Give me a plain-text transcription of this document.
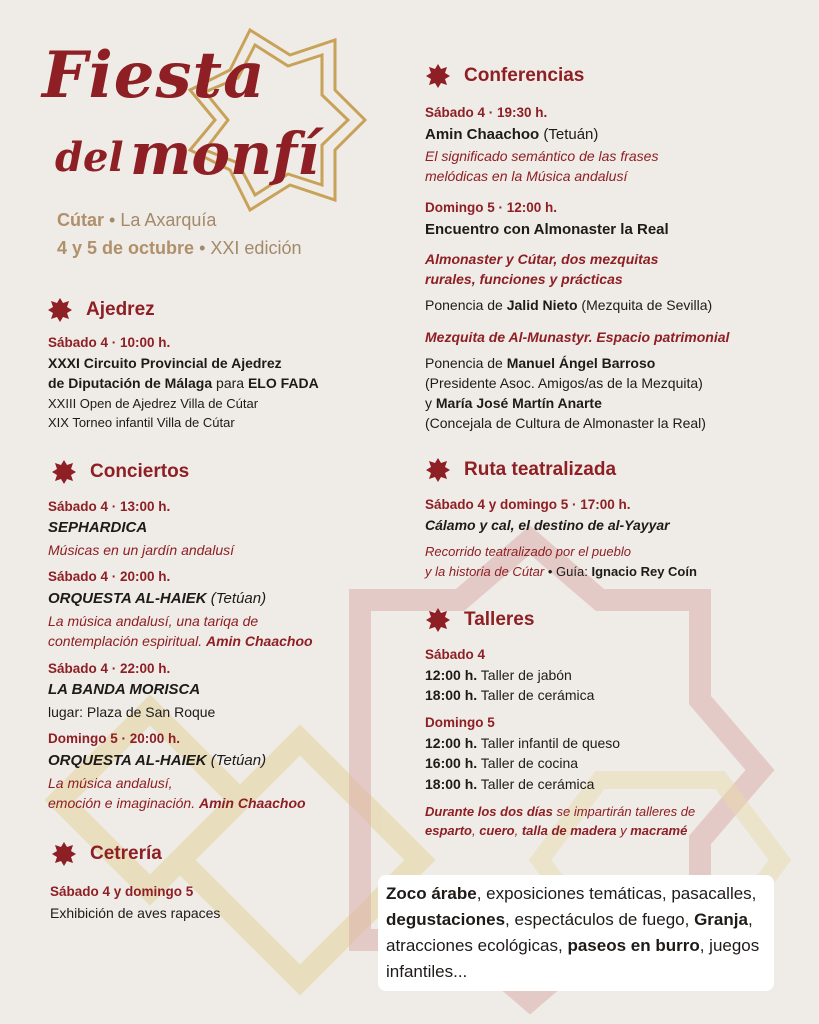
Fiesta
del monfí
Cútar • La Axarquía
4 y 5 de octubre • XXI edición
Ajedrez
Sábado 4 · 10:00 h.
XXXI Circuito Provincial de Ajedrez
de Diputación de Málaga para ELO FADA
XXIII Open de Ajedrez Villa de Cútar
XIX Torneo infantil Villa de Cútar
Conciertos
Sábado 4 · 13:00 h.
SEPHARDICA
Músicas en un jardín andalusí
Sábado 4 · 20:00 h.
ORQUESTA AL-HAIEK (Tetúan)
La música andalusí, una tariqa de
contemplación espiritual. Amin Chaachoo
Sábado 4 · 22:00 h.
LA BANDA MORISCA
lugar: Plaza de San Roque
Domingo 5 · 20:00 h.
ORQUESTA AL-HAIEK (Tetúan)
La música andalusí,
emoción e imaginación. Amin Chaachoo
Cetrería
Sábado 4 y domingo 5
Exhibición de aves rapaces
Conferencias
Sábado 4 · 19:30 h.
Amin Chaachoo (Tetuán)
El significado semántico de las frases
melódicas en la Música andalusí
Domingo 5 · 12:00 h.
Encuentro con Almonaster la Real
Almonaster y Cútar, dos mezquitas
rurales, funciones y prácticas
Ponencia de Jalid Nieto (Mezquita de Sevilla)
Mezquita de Al-Munastyr. Espacio patrimonial
Ponencia de Manuel Ángel Barroso
(Presidente Asoc. Amigos/as de la Mezquita)
y María José Martín Anarte
(Concejala de Cultura de Almonaster la Real)
Ruta teatralizada
Sábado 4 y domingo 5 · 17:00 h.
Cálamo y cal, el destino de al-Yayyar
Recorrido teatralizado por el pueblo
y la historia de Cútar • Guía: Ignacio Rey Coín
Talleres
Sábado 4
12:00 h. Taller de jabón
18:00 h. Taller de cerámica
Domingo 5
12:00 h. Taller infantil de queso
16:00 h. Taller de cocina
18:00 h. Taller de cerámica
Durante los dos días se impartirán talleres de
esparto, cuero, talla de madera y macramé
Zoco árabe, exposiciones temáticas, pasacalles, degustaciones, espectáculos de fuego, Granja, atracciones ecológicas, paseos en burro, juegos infantiles...
